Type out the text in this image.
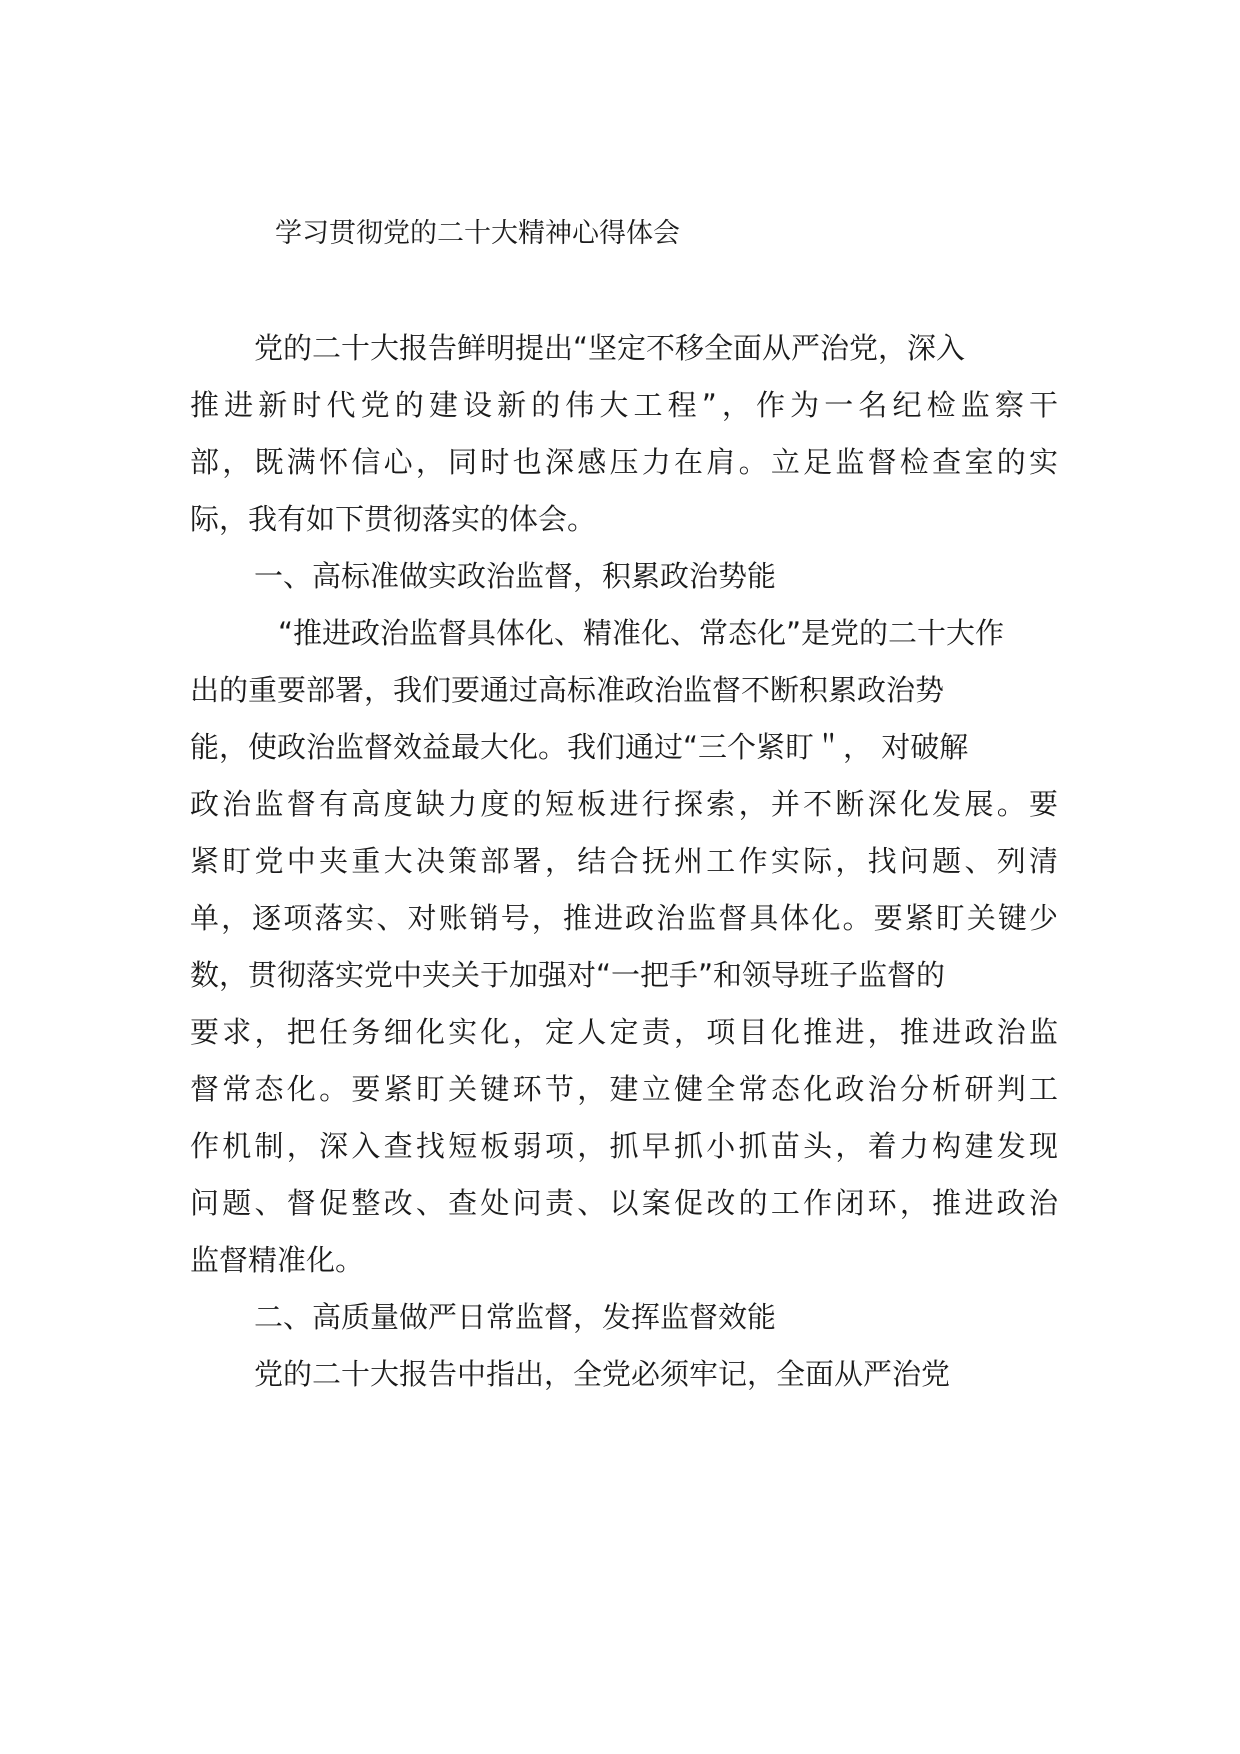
学习贯彻党的二十大精神心得体会
党的二十大报告鲜明提出“坚定不移全面从严治党，深入
推进新时代党的建设新的伟大工程”，作为一名纪检监察干
部，既满怀信心，同时也深感压力在肩。立足监督检查室的实
际，我有如下贯彻落实的体会。
一、高标准做实政治监督，积累政治势能
“推进政治监督具体化、精准化、常态化”是党的二十大作
出的重要部署，我们要通过高标准政治监督不断积累政治势
能，使政治监督效益最大化。我们通过“三个紧盯＂， 对破解
政治监督有高度缺力度的短板进行探索，并不断深化发展。要
紧盯党中夹重大决策部署，结合抚州工作实际，找问题、列清
单，逐项落实、对账销号，推进政治监督具体化。要紧盯关键少
数，贯彻落实党中夹关于加强对“一把手”和领导班子监督的
要求，把任务细化实化，定人定责，项目化推进，推进政治监
督常态化。要紧盯关键环节，建立健全常态化政治分析研判工
作机制，深入查找短板弱项，抓早抓小抓苗头，着力构建发现
问题、督促整改、查处问责、以案促改的工作闭环，推进政治
监督精准化。
二、高质量做严日常监督，发挥监督效能
党的二十大报告中指出，全党必须牢记，全面从严治党
